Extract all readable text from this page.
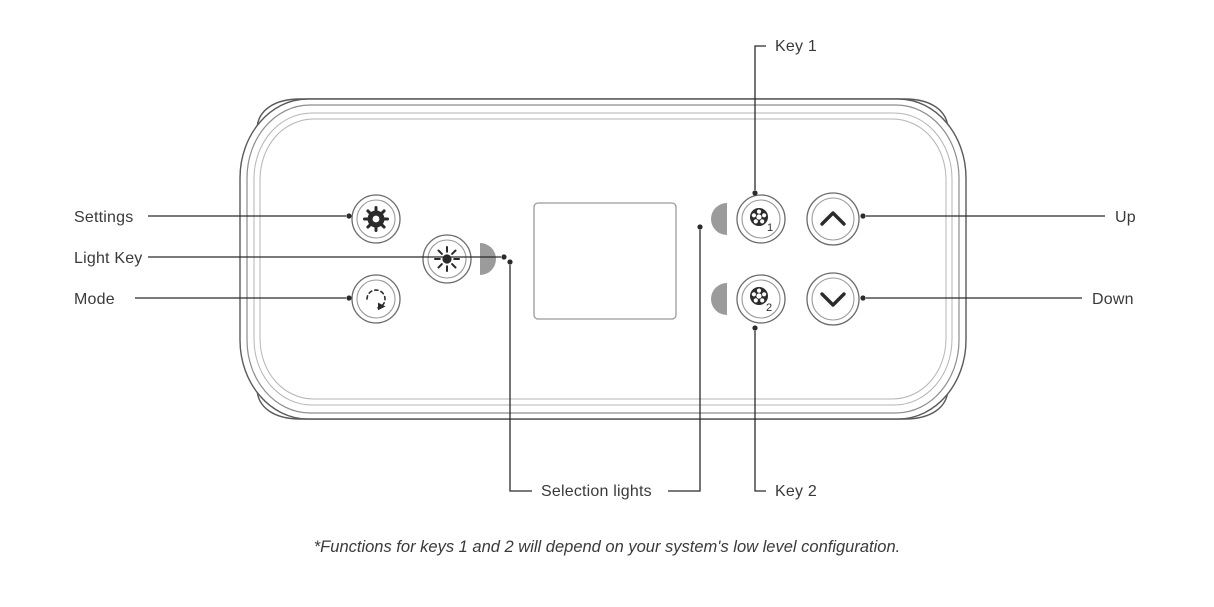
1
2
Settings
Light Key
Mode
Key 1
Up
Down
Key 2
Selection lights
*Functions for keys 1 and 2 will depend on your system's low level configuration.
